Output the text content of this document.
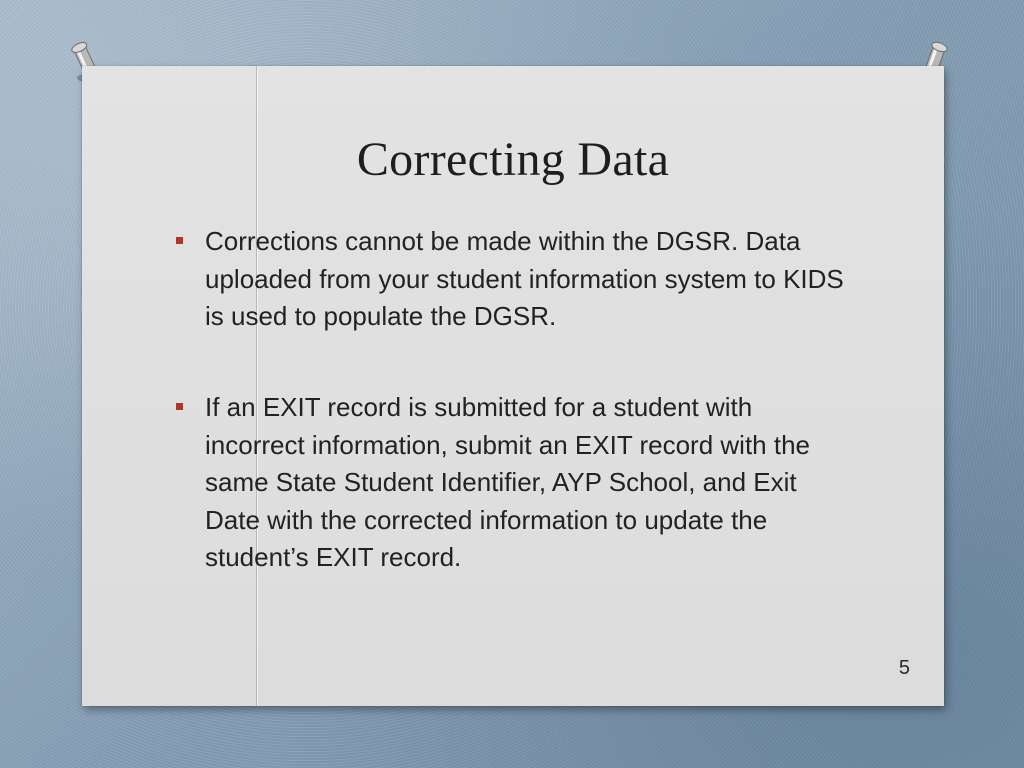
Correcting Data
Corrections cannot be made within the DGSR. Data uploaded from your student information system to KIDS is used to populate the DGSR.
If an EXIT record is submitted for a student with incorrect information, submit an EXIT record with the same State Student Identifier, AYP School, and Exit Date with the corrected information to update the student’s EXIT record.
5
